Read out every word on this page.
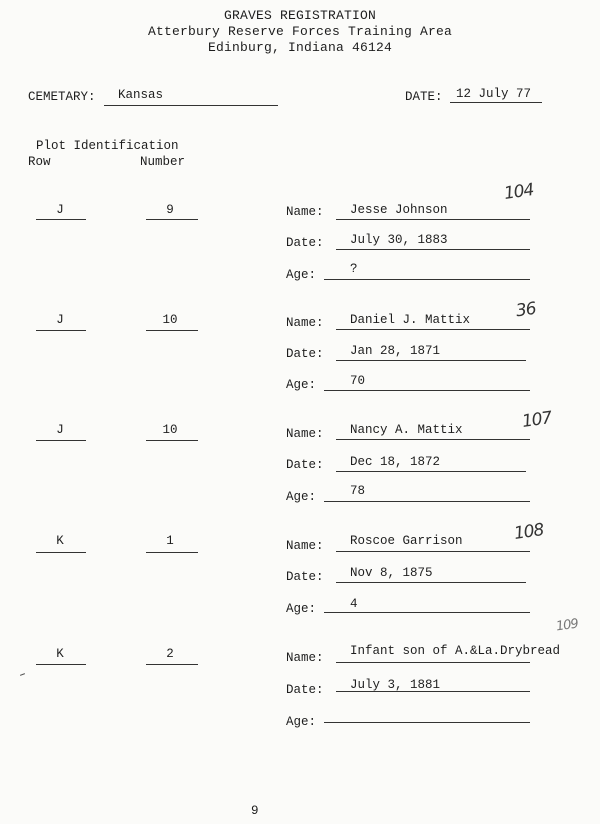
GRAVES REGISTRATION
Atterbury Reserve Forces Training Area
Edinburg, Indiana 46124
CEMETARY: Kansas	DATE: 12 July 77
Plot Identification
Row	Number
J	9	Name: Jesse Johnson
104
Date: July 30, 1883
Age:	?
J	10	Name: Daniel J. Mattix	36
Date: Jan 28, 1871
Age:	70
J	10	Name: Nancy A. Mattix	107
Date: Dec 18, 1872
Age:	78
K	1	Name: Roscoe Garrison	108
Date: Nov 8, 1875
Age:	4
K	2	Name: Infant son of A.&La.Drybread
109
Date: July 3, 1881
Age:
9
